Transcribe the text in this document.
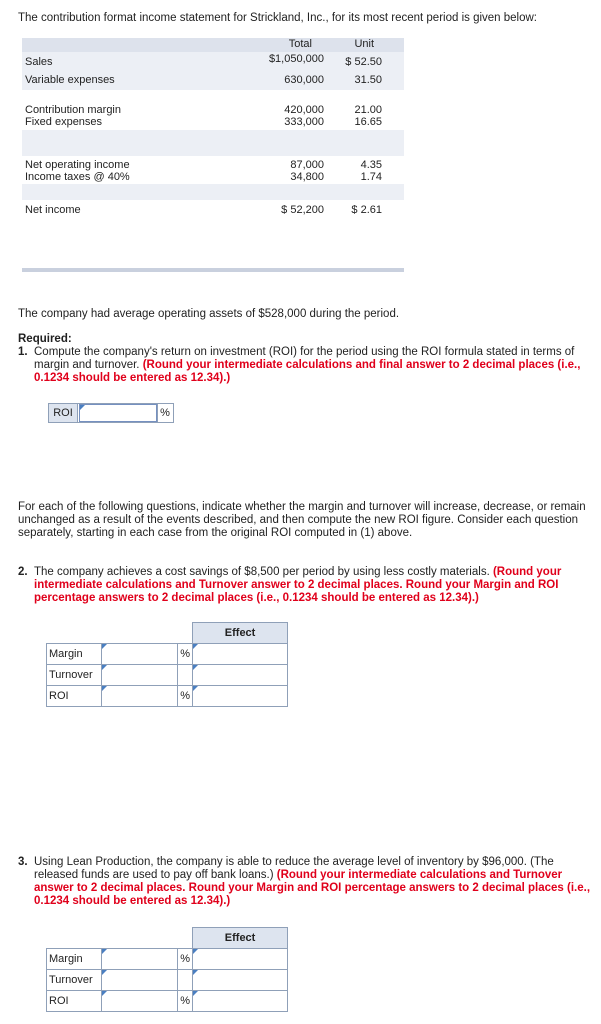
The contribution format income statement for Strickland, Inc., for its most recent period is given below:
Total	Unit
Sales	$1,050,000 $ 52.50
Variable expenses	630,000	31.50
Contribution margin	420,000	21.00
Fixed expenses	333,000	16.65
Net operating income	87,000	4.35
Income taxes @ 40%	34,800	1.74
Net income	$ 52,200 $ 2.61
The company had average operating assets of $528,000 during the period.
Required:
1. Compute the company's return on investment (ROI) for the period using the ROI formula stated in terms of margin and turnover. (Round your intermediate calculations and final answer to 2 decimal places (i.e., 0.1234 should be entered as 12.34).)
ROI	%
For each of the following questions, indicate whether the margin and turnover will increase, decrease, or remain unchanged as a result of the events described, and then compute the new ROI figure. Consider each question separately, starting in each case from the original ROI computed in (1) above.
2. The company achieves a cost savings of $8,500 per period by using less costly materials. (Round your intermediate calculations and Turnover answer to 2 decimal places. Round your Margin and ROI percentage answers to 2 decimal places (i.e., 0.1234 should be entered as 12.34).)
			Effect
Margin		%	

Turnover	

ROI		%	
3. Using Lean Production, the company is able to reduce the average level of inventory by $96,000. (The released funds are used to pay off bank loans.) (Round your intermediate calculations and Turnover answer to 2 decimal places. Round your Margin and ROI percentage answers to 2 decimal places (i.e., 0.1234 should be entered as 12.34).)
			Effect
Margin		%	

Turnover	

ROI		%	
